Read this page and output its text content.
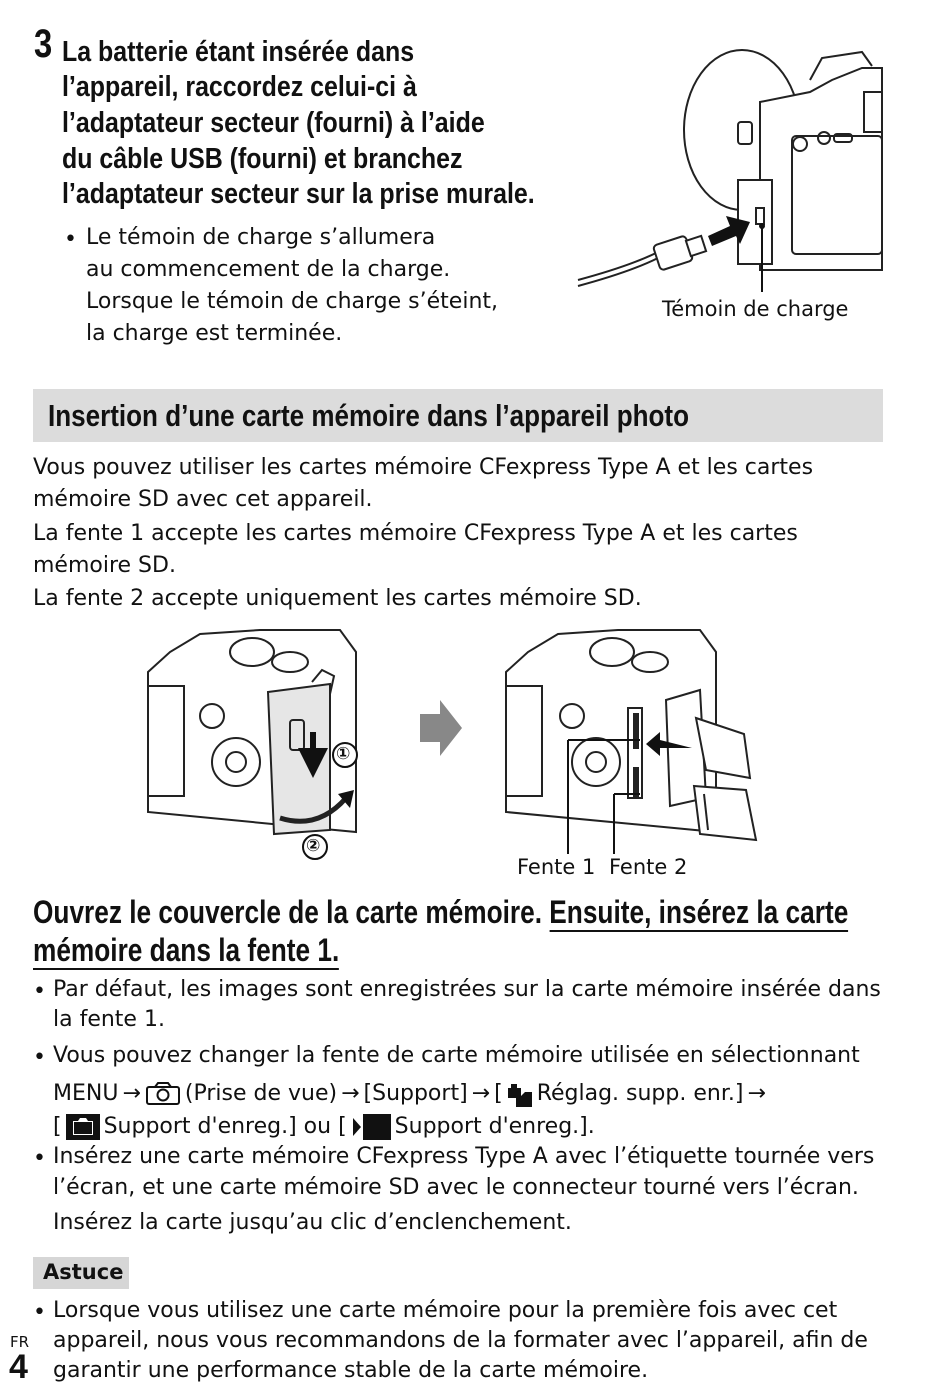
3 La batterie étant insérée dans
l’appareil, raccordez celui-ci à
l’adaptateur secteur (fourni) à l’aide
du câble USB (fourni) et branchez
l’adaptateur secteur sur la prise murale.
• Le témoin de charge s’allumera
au commencement de la charge.
Lorsque le témoin de charge s’éteint,
la charge est terminée.
Témoin de charge
Insertion d’une carte mémoire dans l’appareil photo
Vous pouvez utiliser les cartes mémoire CFexpress Type A et les cartes
mémoire SD avec cet appareil.
La fente 1 accepte les cartes mémoire CFexpress Type A et les cartes
mémoire SD.
La fente 2 accepte uniquement les cartes mémoire SD.
①
②
Fente 1 Fente 2
Ouvrez le couvercle de la carte mémoire. Ensuite, insérez la carte
mémoire dans la fente 1.
• Par défaut, les images sont enregistrées sur la carte mémoire insérée dans
la fente 1.
• Vous pouvez changer la fente de carte mémoire utilisée en sélectionnant
MENU → (Prise de vue) → [Support] → [ Réglag. supp. enr.] →
[ Support d'enreg.] ou [ Support d'enreg.].
• Insérez une carte mémoire CFexpress Type A avec l’étiquette tournée vers
l’écran, et une carte mémoire SD avec le connecteur tourné vers l’écran.
Insérez la carte jusqu’au clic d’enclenchement.
Astuce
• Lorsque vous utilisez une carte mémoire pour la première fois avec cet
appareil, nous vous recommandons de la formater avec l’appareil, afin de
garantir une performance stable de la carte mémoire.
FR
4
